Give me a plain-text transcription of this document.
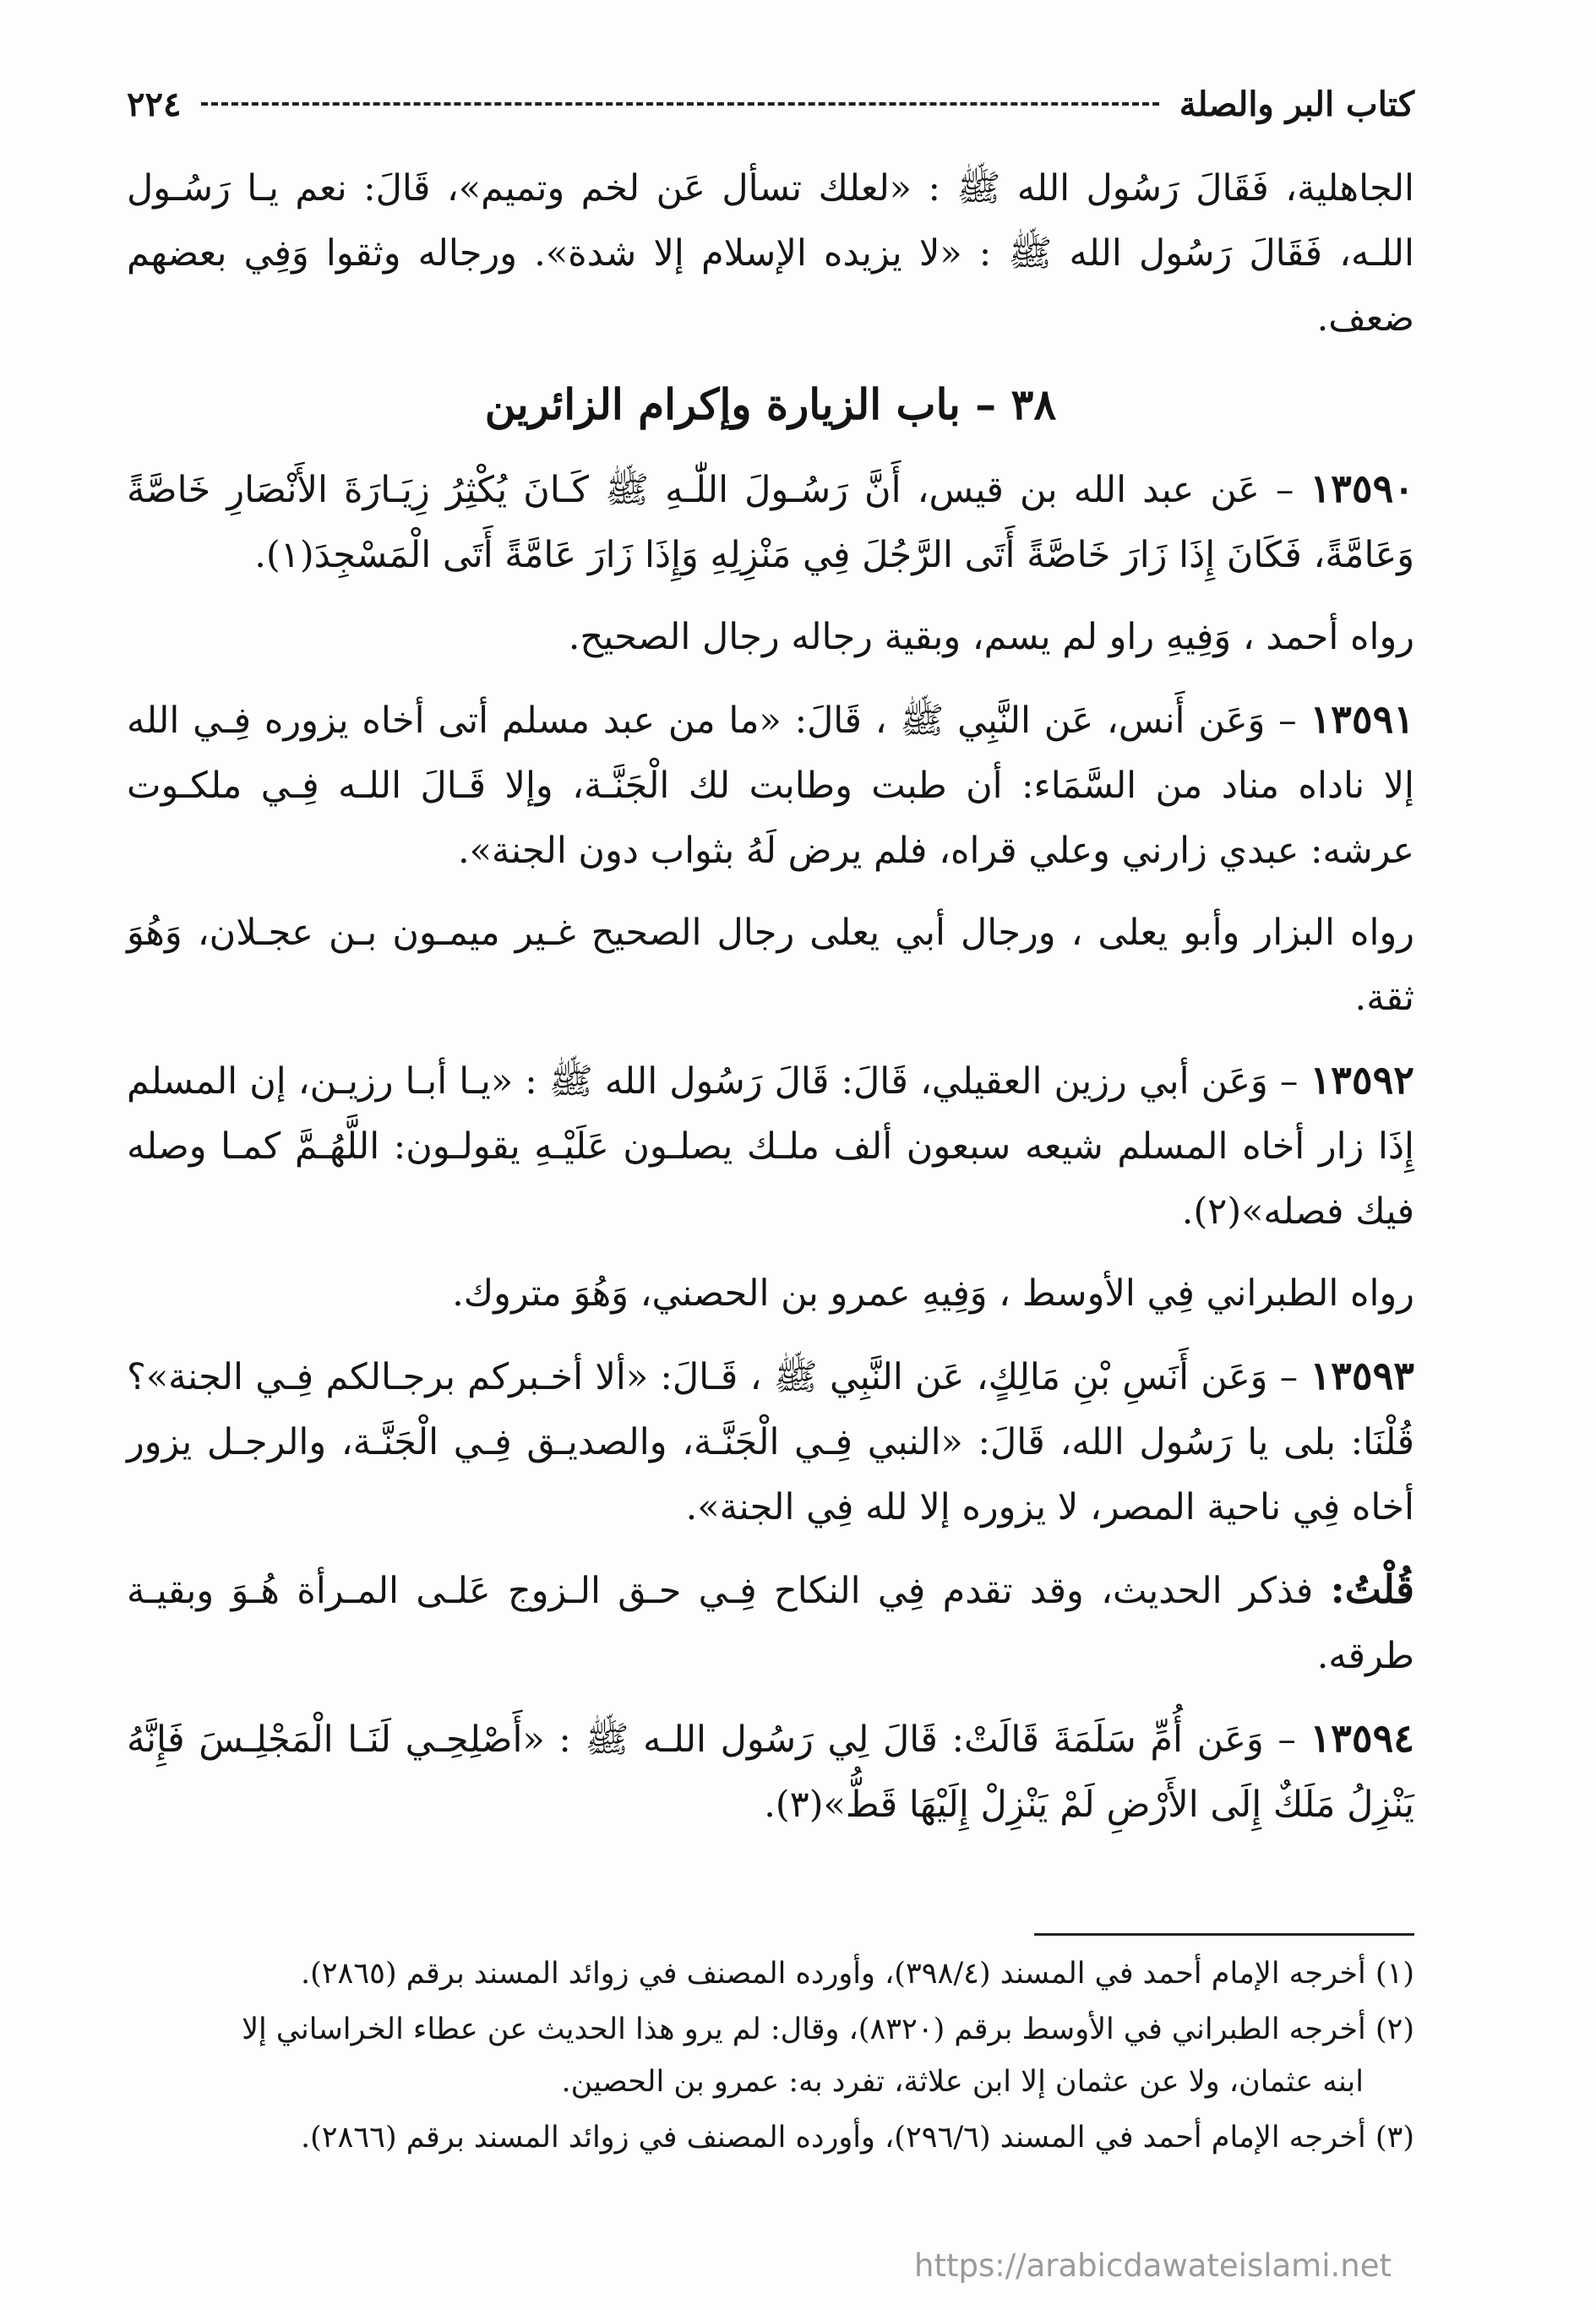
كتاب البر والصلة
٢٢٤

الجاهلية، فَقَالَ رَسُول الله ﷺ : «لعلك تسأل عَن لخم وتميم»، قَالَ: نعم يـا رَسُـول اللـه، فَقَالَ رَسُول الله ﷺ : «لا يزيده الإسلام إلا شدة». ورجاله وثقوا وَفِي بعضهم ضعف.

٣٨ – باب الزيارة وإكرام الزائرين

١٣٥٩٠ – عَن عبد الله بن قيس، أَنَّ رَسُـولَ اللّٰـهِ ﷺ كَـانَ يُكْثِرُ زِيَـارَةَ الأَنْصَارِ خَاصَّةً وَعَامَّةً، فَكَانَ إِذَا زَارَ خَاصَّةً أَتَى الرَّجُلَ فِي مَنْزِلِهِ وَإِذَا زَارَ عَامَّةً أَتَى الْمَسْجِدَ(١).

رواه أحمد ، وَفِيهِ راو لم يسم، وبقية رجاله رجال الصحيح.

١٣٥٩١ – وَعَن أَنس، عَن النَّبِي ﷺ ، قَالَ: «ما من عبد مسلم أتى أخاه يزوره فِـي الله إلا ناداه مناد من السَّمَاء: أن طبت وطابت لك الْجَنَّـة، وإلا قَـالَ اللـه فِـي ملكـوت عرشه: عبدي زارني وعلي قراه، فلم يرض لَهُ بثواب دون الجنة».

رواه البزار وأبو يعلى ، ورجال أبي يعلى رجال الصحيح غـير ميمـون بـن عجـلان، وَهُوَ ثقة.

١٣٥٩٢ – وَعَن أبي رزين العقيلي، قَالَ: قَالَ رَسُول الله ﷺ : «يـا أبـا رزيـن، إن المسلم إِذَا زار أخاه المسلم شيعه سبعون ألف ملـك يصلـون عَلَيْـهِ يقولـون: اللَّهُـمَّ كمـا وصله فيك فصله»(٢).

رواه الطبراني فِي الأوسط ، وَفِيهِ عمرو بن الحصني، وَهُوَ متروك.

١٣٥٩٣ – وَعَن أَنَسِ بْنِ مَالِكٍ، عَن النَّبِي ﷺ ، قَـالَ: «ألا أخـبركم برجـالكم فِـي الجنة»؟ قُلْنَا: بلى يا رَسُول الله، قَالَ: «النبي فِـي الْجَنَّـة، والصديـق فِـي الْجَنَّـة، والرجـل يزور أخاه فِي ناحية المصر، لا يزوره إلا لله فِي الجنة».

قُلْتُ: فذكر الحديث، وقد تقدم فِي النكاح فِـي حـق الـزوج عَلـى المـرأة هُـوَ وبقيـة طرقه.

١٣٥٩٤ – وَعَن أُمِّ سَلَمَةَ قَالَتْ: قَالَ لِي رَسُول اللـه ﷺ : «أَصْلِحِـي لَنَـا الْمَجْلِـسَ فَإِنَّهُ يَنْزِلُ مَلَكٌ إِلَى الأَرْضِ لَمْ يَنْزِلْ إِلَيْهَا قَطُّ»(٣).

(١) أخرجه الإمام أحمد في المسند (٣٩٨/٤)، وأورده المصنف في زوائد المسند برقم (٢٨٦٥).
(٢) أخرجه الطبراني في الأوسط برقم (٨٣٢٠)، وقال: لم يرو هذا الحديث عن عطاء الخراساني إلا
ابنه عثمان، ولا عن عثمان إلا ابن علاثة، تفرد به: عمرو بن الحصين.
(٣) أخرجه الإمام أحمد في المسند (٢٩٦/٦)، وأورده المصنف في زوائد المسند برقم (٢٨٦٦).
https://arabicdawateislami.net
